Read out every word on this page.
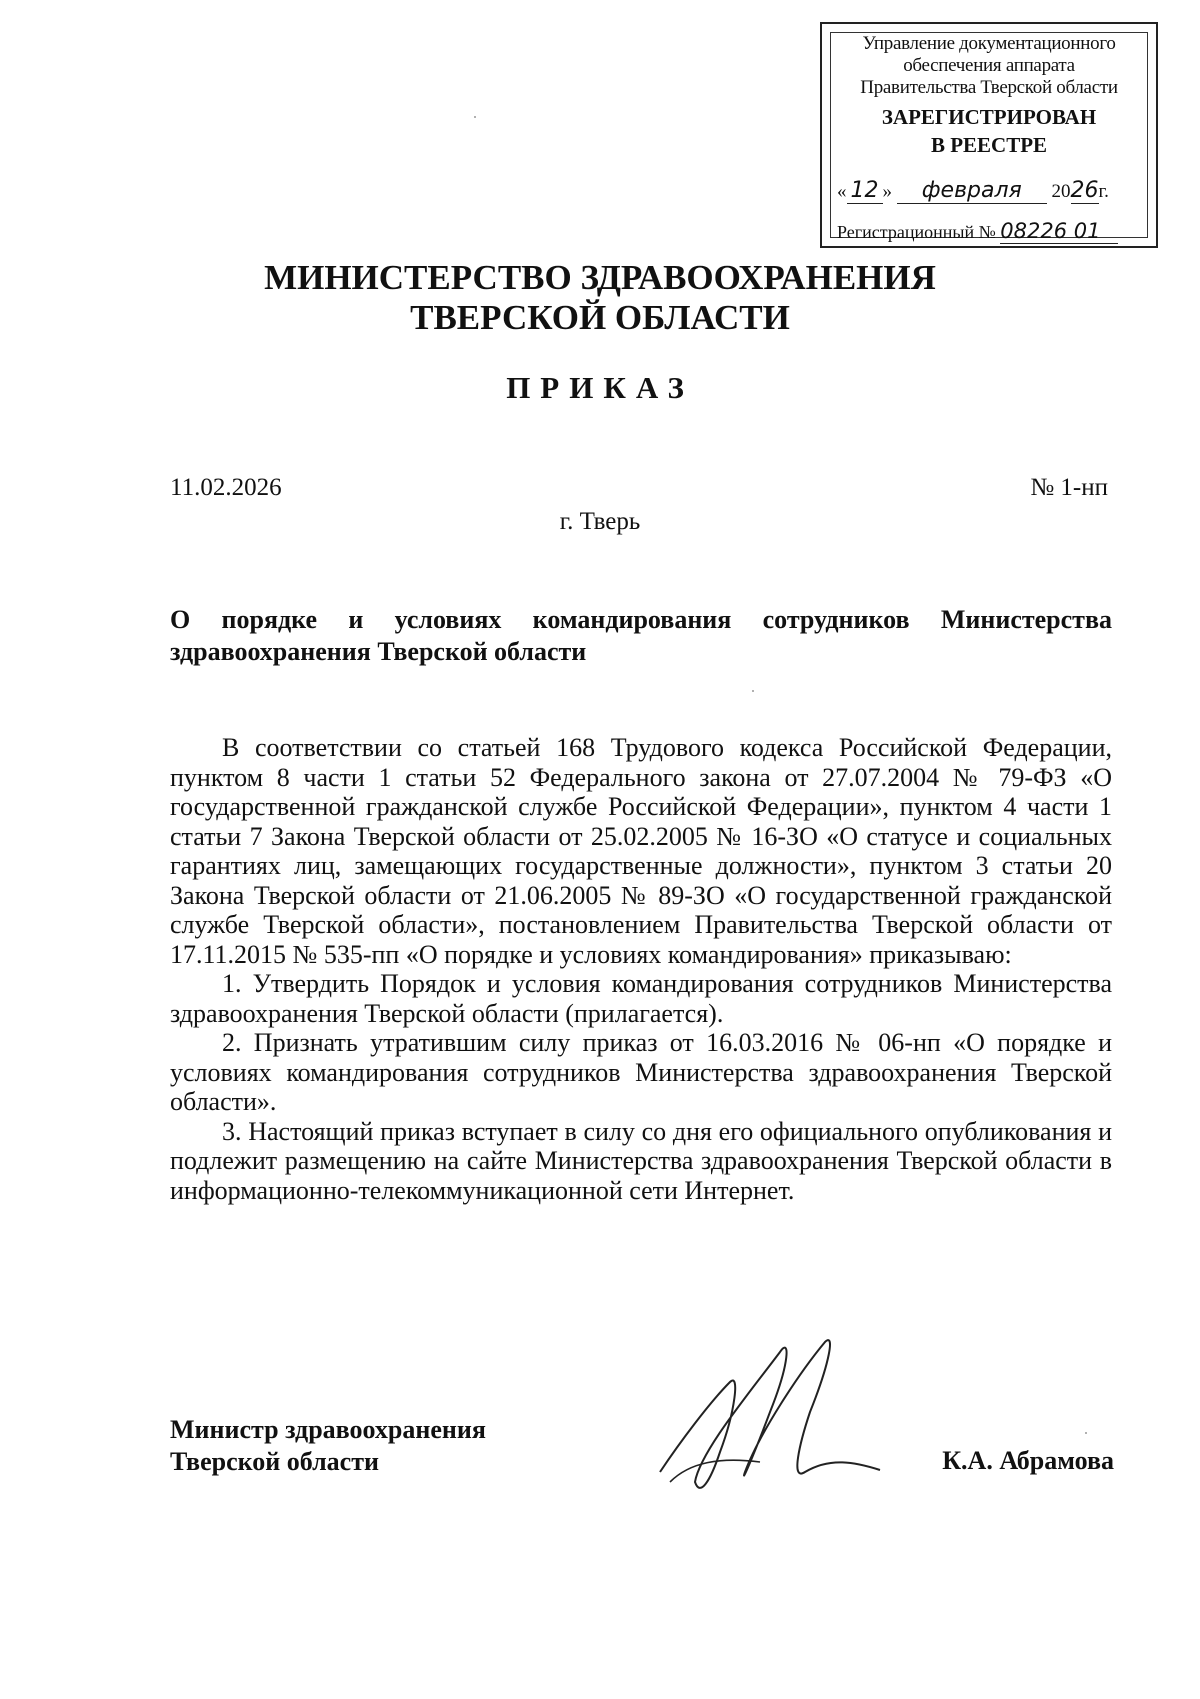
Управление документационного
обеспечения аппарата
Правительства Тверской области
ЗАРЕГИСТРИРОВАН
В РЕЕСТРЕ
« 12 » февраля 2026г.
Регистрационный № 08226 01
МИНИСТЕРСТВО ЗДРАВООХРАНЕНИЯ
ТВЕРСКОЙ ОБЛАСТИ
ПРИКАЗ
11.02.2026	№ 1-нп
г. Тверь
О порядке и условиях командирования сотрудников Министерства здравоохранения Тверской области

В соответствии со статьей 168 Трудового кодекса Российской Федерации, пунктом 8 части 1 статьи 52 Федерального закона от 27.07.2004 № 79-ФЗ «О государственной гражданской службе Российской Федерации», пунктом 4 части 1 статьи 7 Закона Тверской области от 25.02.2005 № 16-ЗО «О статусе и социальных гарантиях лиц, замещающих государственные должности», пунктом 3 статьи 20 Закона Тверской области от 21.06.2005 № 89-ЗО «О государственной гражданской службе Тверской области», постановлением Правительства Тверской области от 17.11.2015 № 535-пп «О порядке и условиях командирования» приказываю:

1. Утвердить Порядок и условия командирования сотрудников Министерства здравоохранения Тверской области (прилагается).

2. Признать утратившим силу приказ от 16.03.2016 № 06-нп «О порядке и условиях командирования сотрудников Министерства здравоохранения Тверской области».

3. Настоящий приказ вступает в силу со дня его официального опубликования и подлежит размещению на сайте Министерства здравоохранения Тверской области в информационно-телекоммуникационной сети Интернет.

Министр здравоохранения
Тверской области	К.А. Абрамова
